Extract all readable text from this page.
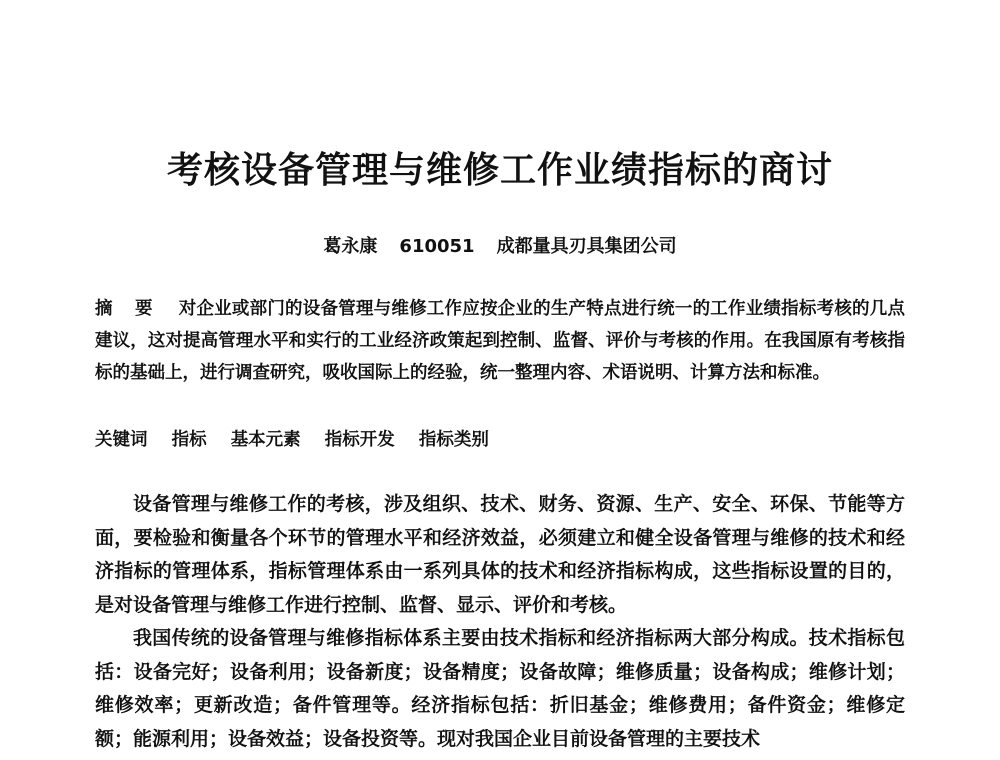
考核设备管理与维修工作业绩指标的商讨
葛永康 610051 成都量具刃具集团公司
摘 要 对企业或部门的设备管理与维修工作应按企业的生产特点进行统一的工作业绩指标考核的几点建议，这对提高管理水平和实行的工业经济政策起到控制、监督、评价与考核的作用。在我国原有考核指标的基础上，进行调查研究，吸收国际上的经验，统一整理内容、术语说明、计算方法和标准。
关键词 指标 基本元素 指标开发 指标类别

设备管理与维修工作的考核，涉及组织、技术、财务、资源、生产、安全、环保、节能等方面，要检验和衡量各个环节的管理水平和经济效益，必须建立和健全设备管理与维修的技术和经济指标的管理体系，指标管理体系由一系列具体的技术和经济指标构成，这些指标设置的目的，是对设备管理与维修工作进行控制、监督、显示、评价和考核。

我国传统的设备管理与维修指标体系主要由技术指标和经济指标两大部分构成。技术指标包括：设备完好；设备利用；设备新度；设备精度；设备故障；维修质量；设备构成；维修计划；维修效率；更新改造；备件管理等。经济指标包括：折旧基金；维修费用；备件资金；维修定额；能源利用；设备效益；设备投资等。现对我国企业目前设备管理的主要技术
